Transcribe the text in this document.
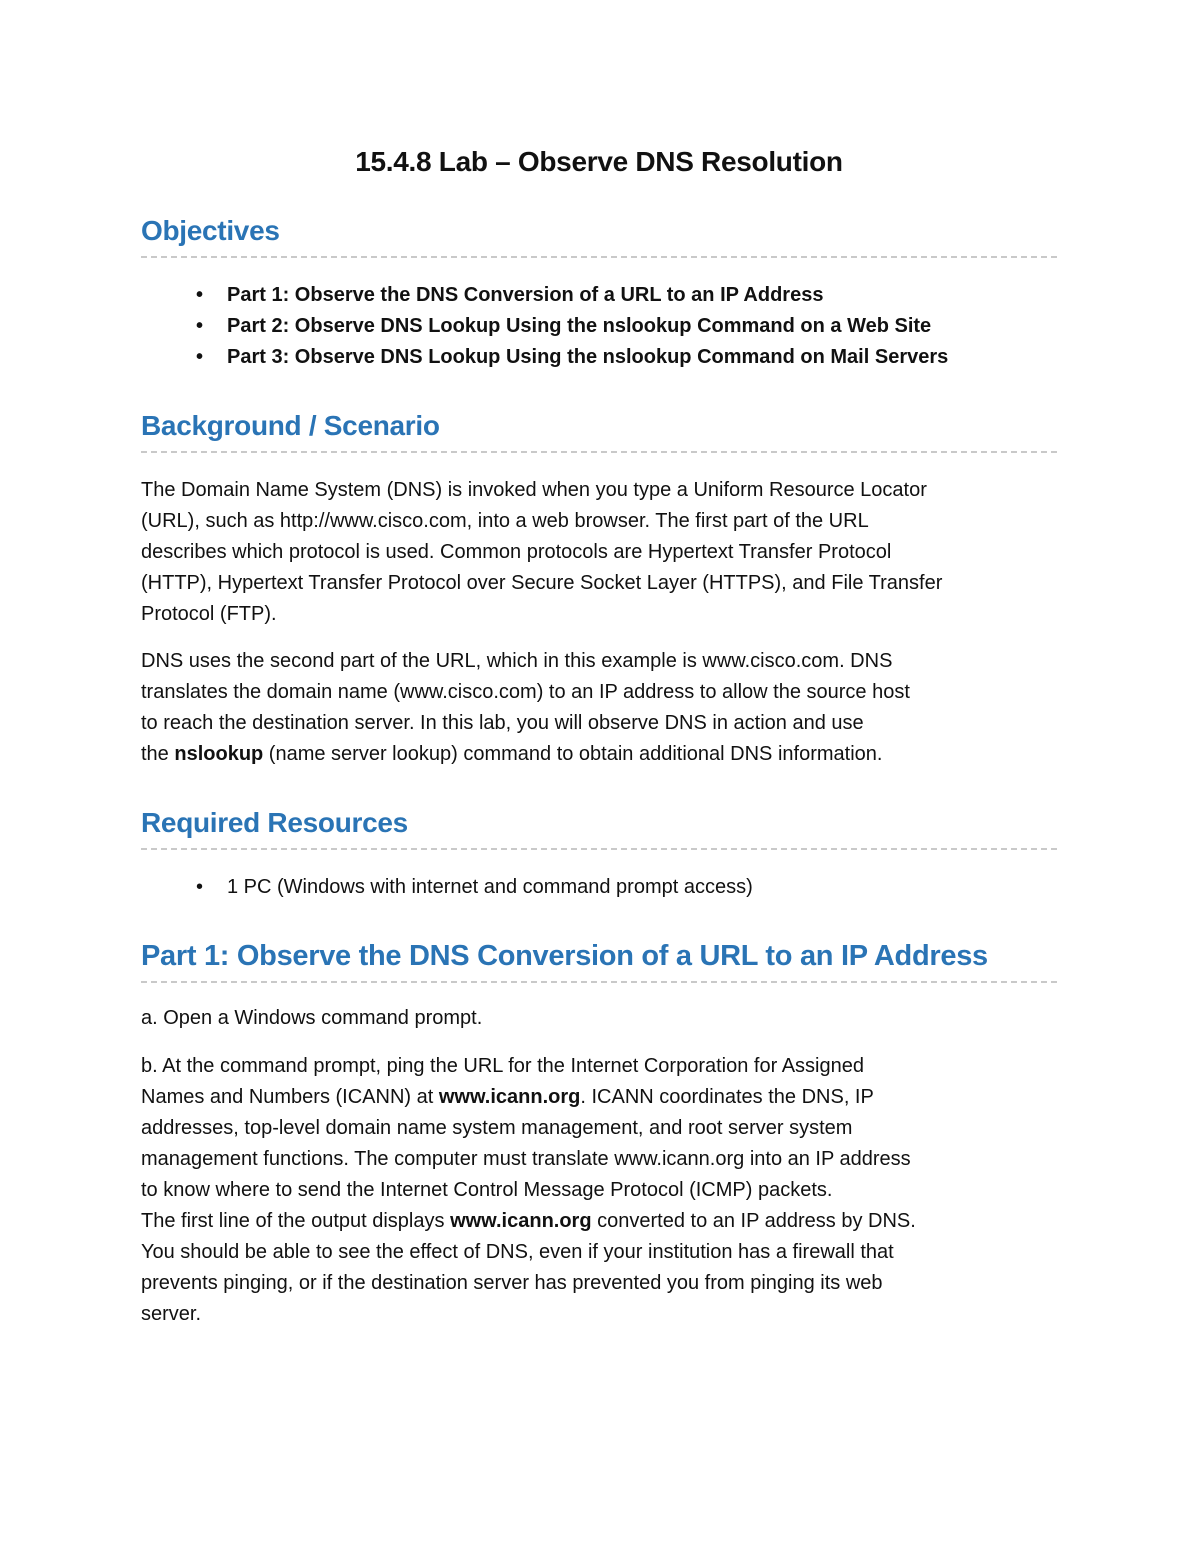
15.4.8 Lab – Observe DNS Resolution
Objectives
• Part 1: Observe the DNS Conversion of a URL to an IP Address
• Part 2: Observe DNS Lookup Using the nslookup Command on a Web Site
• Part 3: Observe DNS Lookup Using the nslookup Command on Mail Servers
Background / Scenario

The Domain Name System (DNS) is invoked when you type a Uniform Resource Locator
(URL), such as http://www.cisco.com, into a web browser. The first part of the URL
describes which protocol is used. Common protocols are Hypertext Transfer Protocol
(HTTP), Hypertext Transfer Protocol over Secure Socket Layer (HTTPS), and File Transfer
Protocol (FTP).

DNS uses the second part of the URL, which in this example is www.cisco.com. DNS
translates the domain name (www.cisco.com) to an IP address to allow the source host
to reach the destination server. In this lab, you will observe DNS in action and use
the nslookup (name server lookup) command to obtain additional DNS information.

Required Resources
• 1 PC (Windows with internet and command prompt access)
Part 1: Observe the DNS Conversion of a URL to an IP Address

a. Open a Windows command prompt.

b. At the command prompt, ping the URL for the Internet Corporation for Assigned
Names and Numbers (ICANN) at www.icann.org. ICANN coordinates the DNS, IP
addresses, top-level domain name system management, and root server system
management functions. The computer must translate www.icann.org into an IP address
to know where to send the Internet Control Message Protocol (ICMP) packets.
The first line of the output displays www.icann.org converted to an IP address by DNS.
You should be able to see the effect of DNS, even if your institution has a firewall that
prevents pinging, or if the destination server has prevented you from pinging its web
server.
